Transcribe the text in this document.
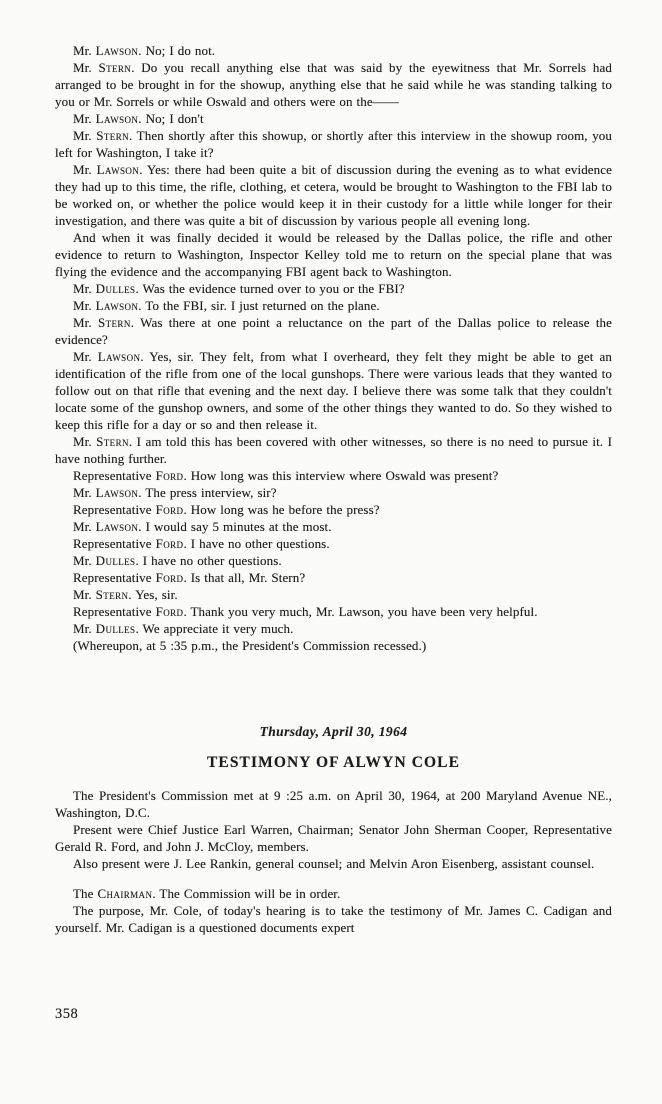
Mr. Lawson. No; I do not.

Mr. Stern. Do you recall anything else that was said by the eyewitness that Mr. Sorrels had arranged to be brought in for the showup, anything else that he said while he was standing talking to you or Mr. Sorrels or while Oswald and others were on the——

Mr. Lawson. No; I don't

Mr. Stern. Then shortly after this showup, or shortly after this interview in the showup room, you left for Washington, I take it?

Mr. Lawson. Yes: there had been quite a bit of discussion during the evening as to what evidence they had up to this time, the rifle, clothing, et cetera, would be brought to Washington to the FBI lab to be worked on, or whether the police would keep it in their custody for a little while longer for their investigation, and there was quite a bit of discussion by various people all evening long.

And when it was finally decided it would be released by the Dallas police, the rifle and other evidence to return to Washington, Inspector Kelley told me to return on the special plane that was flying the evidence and the accompanying FBI agent back to Washington.

Mr. Dulles. Was the evidence turned over to you or the FBI?

Mr. Lawson. To the FBI, sir. I just returned on the plane.

Mr. Stern. Was there at one point a reluctance on the part of the Dallas police to release the evidence?

Mr. Lawson. Yes, sir. They felt, from what I overheard, they felt they might be able to get an identification of the rifle from one of the local gunshops. There were various leads that they wanted to follow out on that rifle that evening and the next day. I believe there was some talk that they couldn't locate some of the gunshop owners, and some of the other things they wanted to do. So they wished to keep this rifle for a day or so and then release it.

Mr. Stern. I am told this has been covered with other witnesses, so there is no need to pursue it. I have nothing further.

Representative Ford. How long was this interview where Oswald was present?

Mr. Lawson. The press interview, sir?

Representative Ford. How long was he before the press?

Mr. Lawson. I would say 5 minutes at the most.

Representative Ford. I have no other questions.

Mr. Dulles. I have no other questions.

Representative Ford. Is that all, Mr. Stern?

Mr. Stern. Yes, sir.

Representative Ford. Thank you very much, Mr. Lawson, you have been very helpful.

Mr. Dulles. We appreciate it very much.

(Whereupon, at 5 :35 p.m., the President's Commission recessed.)

Thursday, April 30, 1964

TESTIMONY OF ALWYN COLE

The President's Commission met at 9 :25 a.m. on April 30, 1964, at 200 Maryland Avenue NE., Washington, D.C.

Present were Chief Justice Earl Warren, Chairman; Senator John Sherman Cooper, Representative Gerald R. Ford, and John J. McCloy, members.

Also present were J. Lee Rankin, general counsel; and Melvin Aron Eisenberg, assistant counsel.

The Chairman. The Commission will be in order.

The purpose, Mr. Cole, of today's hearing is to take the testimony of Mr. James C. Cadigan and yourself. Mr. Cadigan is a questioned documents expert

358
